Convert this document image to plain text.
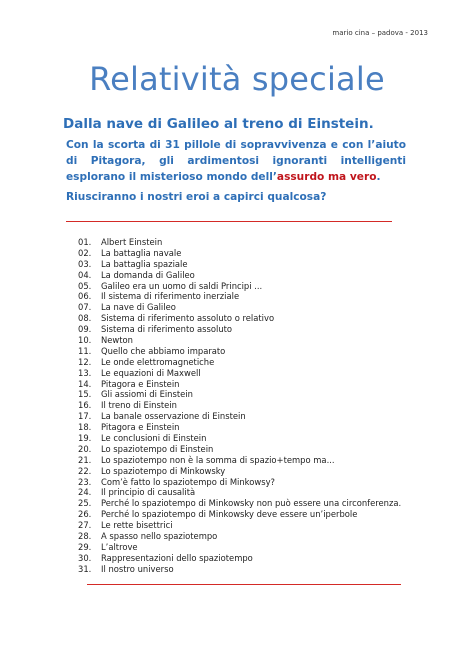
mario cina – padova - 2013
Relatività speciale
Dalla nave di Galileo al treno di Einstein.
Con la scorta di 31 pillole di sopravvivenza e con l’aiuto di Pitagora, gli ardimentosi ignoranti intelligenti esplorano il misterioso mondo dell’assurdo ma vero.
Riusciranno i nostri eroi a capirci qualcosa?
01.	Albert Einstein
02.	La battaglia navale
03.	La battaglia spaziale
04.	La domanda di Galileo
05.	Galileo era un uomo di saldi Principi ...
06.	Il sistema di riferimento inerziale
07.	La nave di Galileo
08.	Sistema di riferimento assoluto o relativo
09.	Sistema di riferimento assoluto
10.	Newton
11.	Quello che abbiamo imparato
12.	Le onde elettromagnetiche
13.	Le equazioni di Maxwell
14.	Pitagora e Einstein
15.	Gli assiomi di Einstein
16.	Il treno di Einstein
17.	La banale osservazione di Einstein
18.	Pitagora e Einstein
19.	Le conclusioni di Einstein
20.	Lo spaziotempo di Einstein
21.	Lo spaziotempo non è la somma di spazio+tempo ma...
22.	Lo spaziotempo di Minkowsky
23.	Com’è fatto lo spaziotempo di Minkowsy?
24.	Il principio di causalità
25.	Perché lo spaziotempo di Minkowsky non può essere una circonferenza.
26.	Perché lo spaziotempo di Minkowsky deve essere un’iperbole
27.	Le rette bisettrici
28.	A spasso nello spaziotempo
29.	L’altrove
30.	Rappresentazioni dello spaziotempo
31.	Il nostro universo
